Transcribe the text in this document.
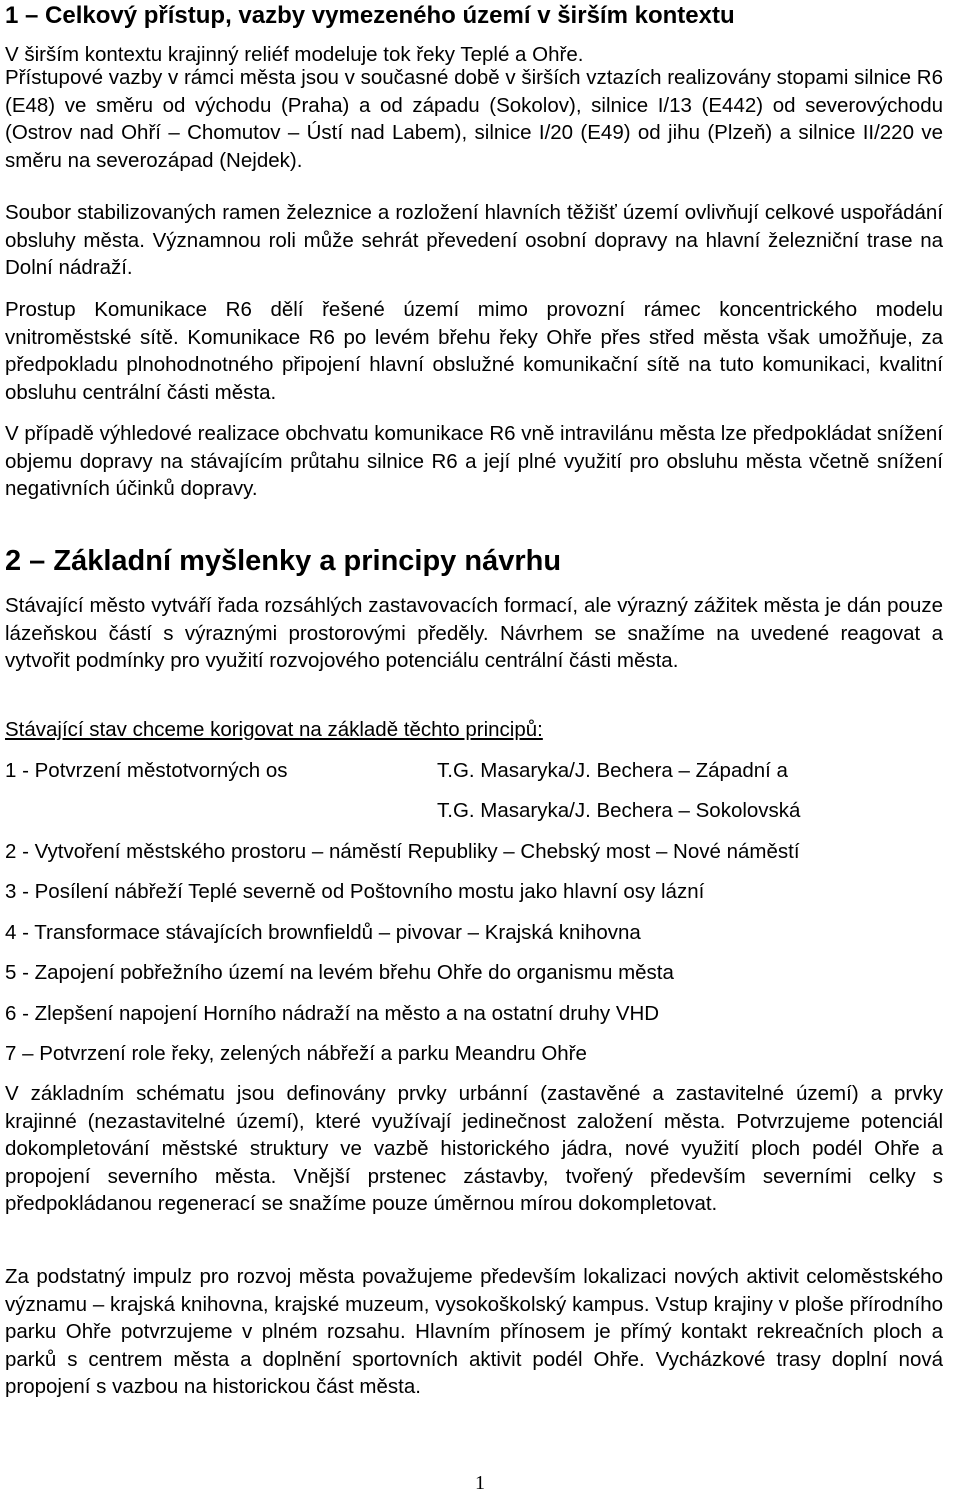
1 – Celkový přístup, vazby vymezeného území v širším kontextu

V širším kontextu krajinný reliéf modeluje tok řeky Teplé a Ohře.

Přístupové vazby v rámci města jsou v současné době v širších vztazích realizovány stopami silnice R6 (E48) ve směru od východu (Praha) a od západu (Sokolov), silnice I/13 (E442) od severovýchodu (Ostrov nad Ohří – Chomutov – Ústí nad Labem), silnice I/20 (E49) od jihu (Plzeň) a silnice II/220 ve směru na severozápad (Nejdek).

Soubor stabilizovaných ramen železnice a rozložení hlavních těžišť území ovlivňují celkové uspořádání obsluhy města. Významnou roli může sehrát převedení osobní dopravy na hlavní železniční trase na Dolní nádraží.

Prostup Komunikace R6 dělí řešené území mimo provozní rámec koncentrického modelu vnitroměstské sítě. Komunikace R6 po levém břehu řeky Ohře přes střed města však umožňuje, za předpokladu plnohodnotného připojení hlavní obslužné komunikační sítě na tuto komunikaci, kvalitní obsluhu centrální části města.

V případě výhledové realizace obchvatu komunikace R6 vně intravilánu města lze předpokládat snížení objemu dopravy na stávajícím průtahu silnice R6 a její plné využití pro obsluhu města včetně snížení negativních účinků dopravy.

2 – Základní myšlenky a principy návrhu

Stávající město vytváří řada rozsáhlých zastavovacích formací, ale výrazný zážitek města je dán pouze lázeňskou částí s výraznými prostorovými předěly. Návrhem se snažíme na uvedené reagovat a vytvořit podmínky pro využití rozvojového potenciálu centrální části města.

Stávající stav chceme korigovat na základě těchto principů:

1 - Potvrzení městotvorných os	T.G. Masaryka/J. Bechera – Západní a
T.G. Masaryka/J. Bechera – Sokolovská
2 - Vytvoření městského prostoru – náměstí Republiky – Chebský most – Nové náměstí
3 - Posílení nábřeží Teplé severně od Poštovního mostu jako hlavní osy lázní
4 - Transformace stávajících brownfieldů – pivovar – Krajská knihovna
5 - Zapojení pobřežního území na levém břehu Ohře do organismu města
6 - Zlepšení napojení Horního nádraží na město a na ostatní druhy VHD
7 – Potvrzení role řeky, zelených nábřeží a parku Meandru Ohře

V základním schématu jsou definovány prvky urbánní (zastavěné a zastavitelné území) a prvky krajinné (nezastavitelné území), které využívají jedinečnost založení města. Potvrzujeme potenciál dokompletování městské struktury ve vazbě historického jádra, nové využití ploch podél Ohře a propojení severního města. Vnější prstenec zástavby, tvořený především severními celky s předpokládanou regenerací se snažíme pouze úměrnou mírou dokompletovat.

Za podstatný impulz pro rozvoj města považujeme především lokalizaci nových aktivit celoměstského významu – krajská knihovna, krajské muzeum, vysokoškolský kampus. Vstup krajiny v ploše přírodního parku Ohře potvrzujeme v plném rozsahu. Hlavním přínosem je přímý kontakt rekreačních ploch a parků s centrem města a doplnění sportovních aktivit podél Ohře. Vycházkové trasy doplní nová propojení s vazbou na historickou část města.

1
